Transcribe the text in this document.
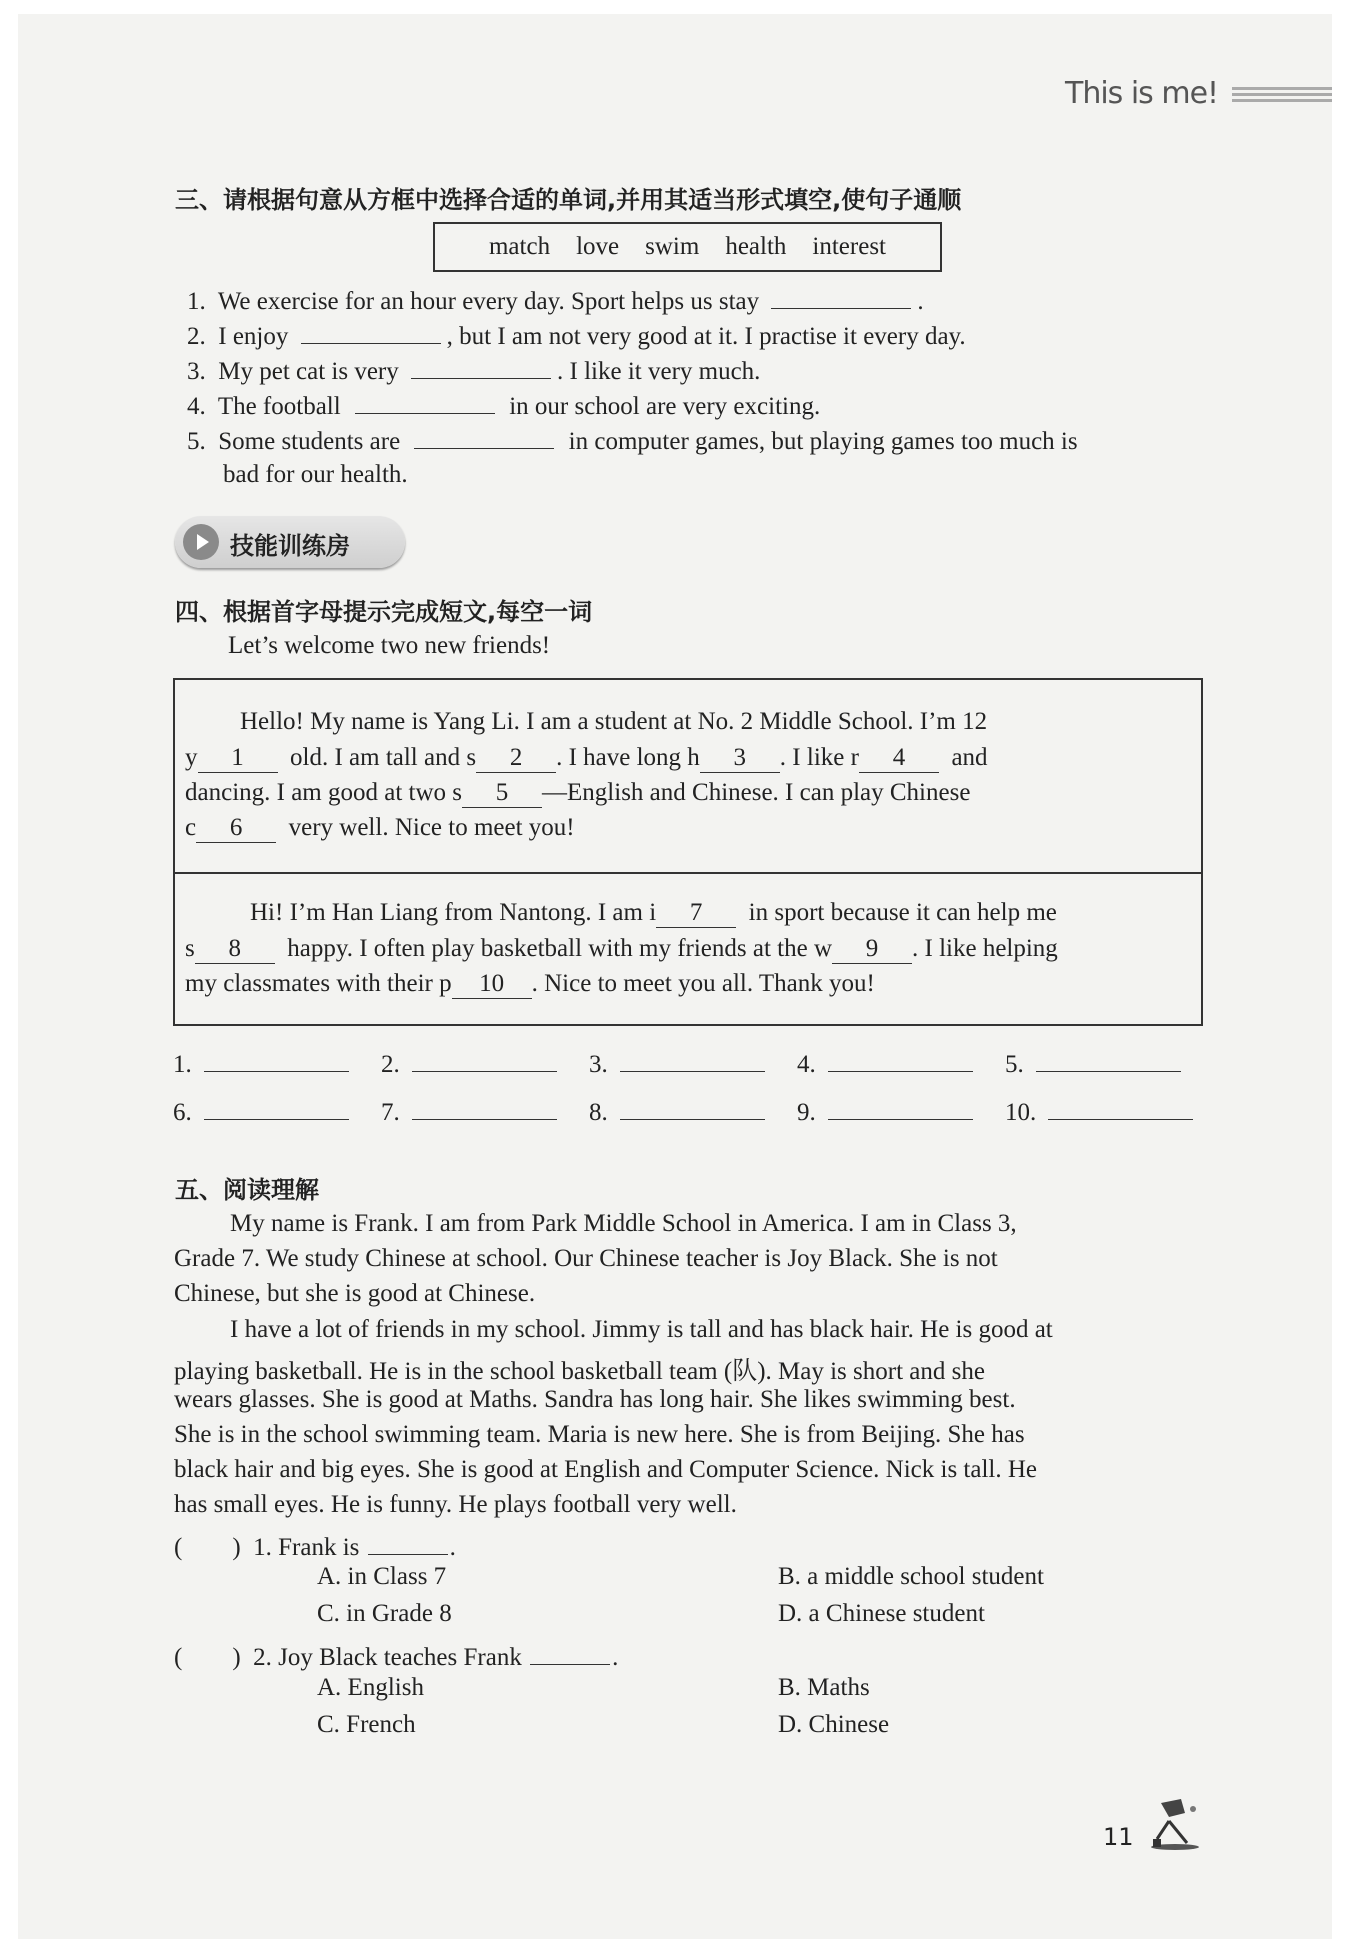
This is me!
三、请根据句意从方框中选择合适的单词,并用其适当形式填空,使句子通顺
match love swim health interest
1. We exercise for an hour every day. Sport helps us stay	.
2. I enjoy	, but I am not very good at it. I practise it every day.
3. My pet cat is very	. I like it very much.
4. The football	in our school are very exciting.
5. Some students are	in computer games, but playing games too much is
bad for our health.
技能训练房
四、根据首字母提示完成短文,每空一词
Let’s welcome two new friends!
Hello! My name is Yang Li. I am a student at No. 2 Middle School. I’m 12
y 1 old. I am tall and s 2 . I have long h 3 . I like r 4 and
dancing. I am good at two s 5 —English and Chinese. I can play Chinese
c 6 very well. Nice to meet you!
Hi! I’m Han Liang from Nantong. I am i 7 in sport because it can help me
s 8 happy. I often play basketball with my friends at the w 9 . I like helping
my classmates with their p 10 . Nice to meet you all. Thank you!
1.	2.	3.	4.	5.
6.	7.	8.	9.	10.
五、阅读理解
My name is Frank. I am from Park Middle School in America. I am in Class 3,
Grade 7. We study Chinese at school. Our Chinese teacher is Joy Black. She is not
Chinese, but she is good at Chinese.
I have a lot of friends in my school. Jimmy is tall and has black hair. He is good at
playing basketball. He is in the school basketball team (队). May is short and she
wears glasses. She is good at Maths. Sandra has long hair. She likes swimming best.
She is in the school swimming team. Maria is new here. She is from Beijing. She has
black hair and big eyes. She is good at English and Computer Science. Nick is tall. He
has small eyes. He is funny. He plays football very well.
(　　) 1. Frank is	.
A. in Class 7	B. a middle school student
C. in Grade 8	D. a Chinese student
(　　) 2. Joy Black teaches Frank	.
A. English	B. Maths
C. French	D. Chinese
11
